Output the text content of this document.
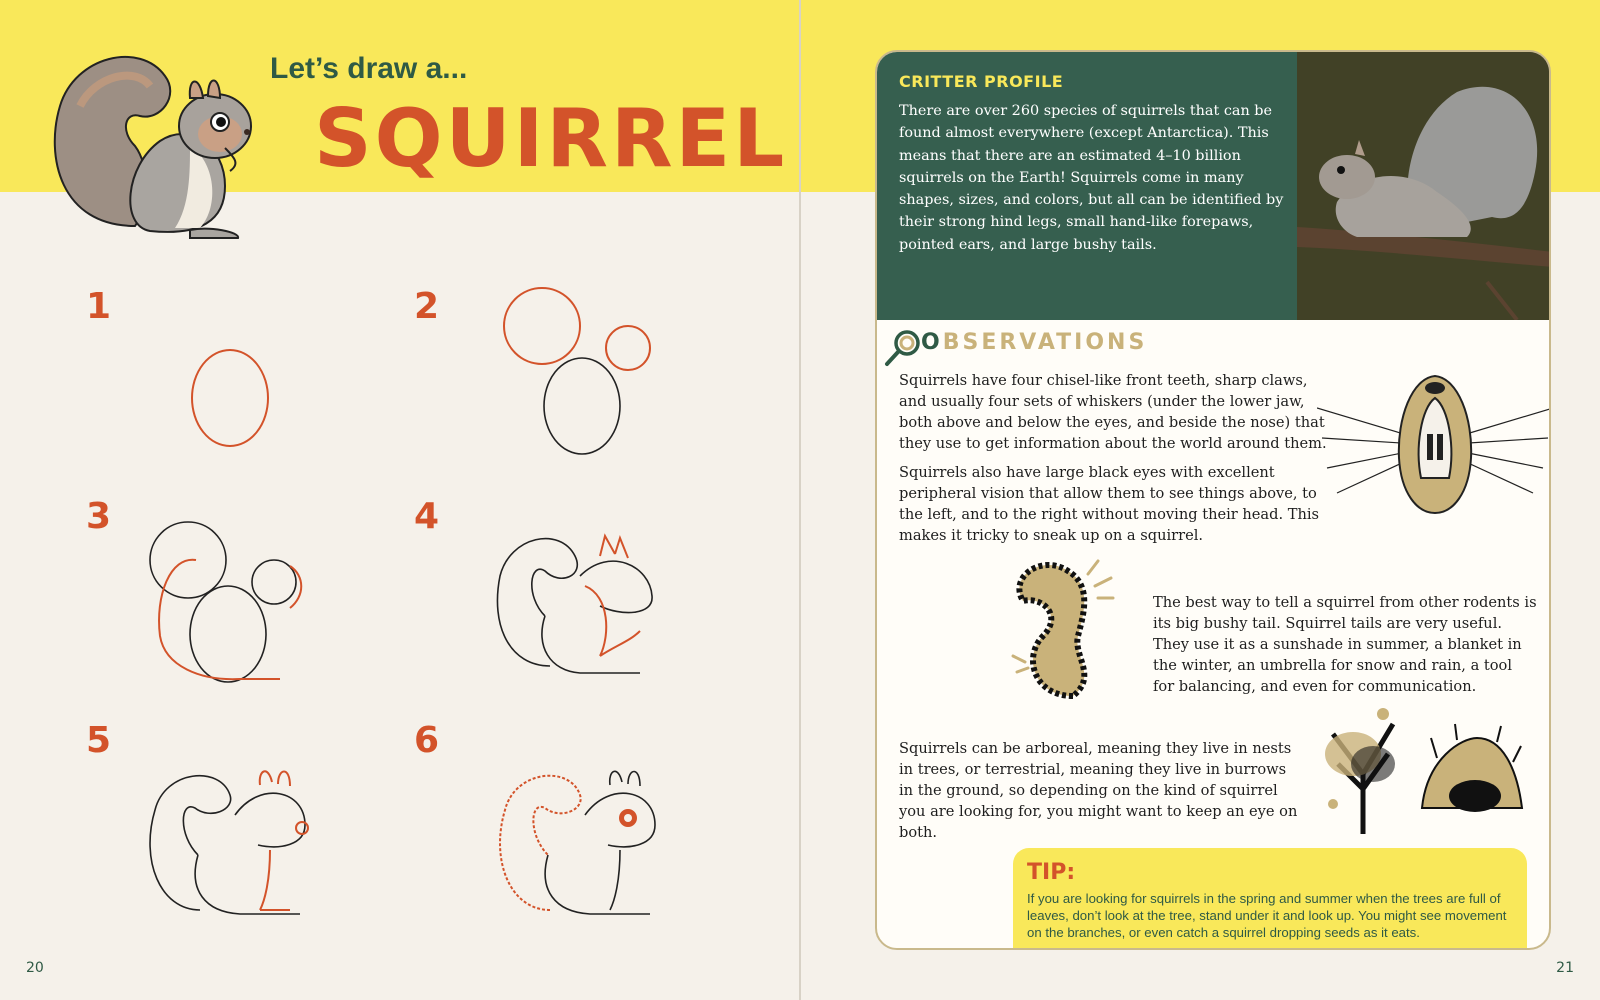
Let’s draw a...
SQUIRREL
1	2
3	4
5	6
20
CRITTER PROFILE
There are over 260 species of squirrels that can be found almost everywhere (except Antarctica). This means that there are an estimated 4–10 billion squirrels on the Earth! Squirrels come in many shapes, sizes, and colors, but all can be identified by their strong hind legs, small hand-like forepaws, pointed ears, and large bushy tails.
OBSERVATIONS
Squirrels have four chisel-like front teeth, sharp claws, and usually four sets of whiskers (under the lower jaw, both above and below the eyes, and beside the nose) that they use to get information about the world around them.
Squirrels also have large black eyes with excellent peripheral vision that allow them to see things above, to the left, and to the right without moving their head. This makes it tricky to sneak up on a squirrel.
The best way to tell a squirrel from other rodents is its big bushy tail. Squirrel tails are very useful. They use it as a sunshade in summer, a blanket in the winter, an umbrella for snow and rain, a tool for balancing, and even for communication.
Squirrels can be arboreal, meaning they live in nests in trees, or terrestrial, meaning they live in burrows in the ground, so depending on the kind of squirrel you are looking for, you might want to keep an eye on both.
TIP:
If you are looking for squirrels in the spring and summer when the trees are full of leaves, don’t look at the tree, stand under it and look up. You might see movement on the branches, or even catch a squirrel dropping seeds as it eats.
21
